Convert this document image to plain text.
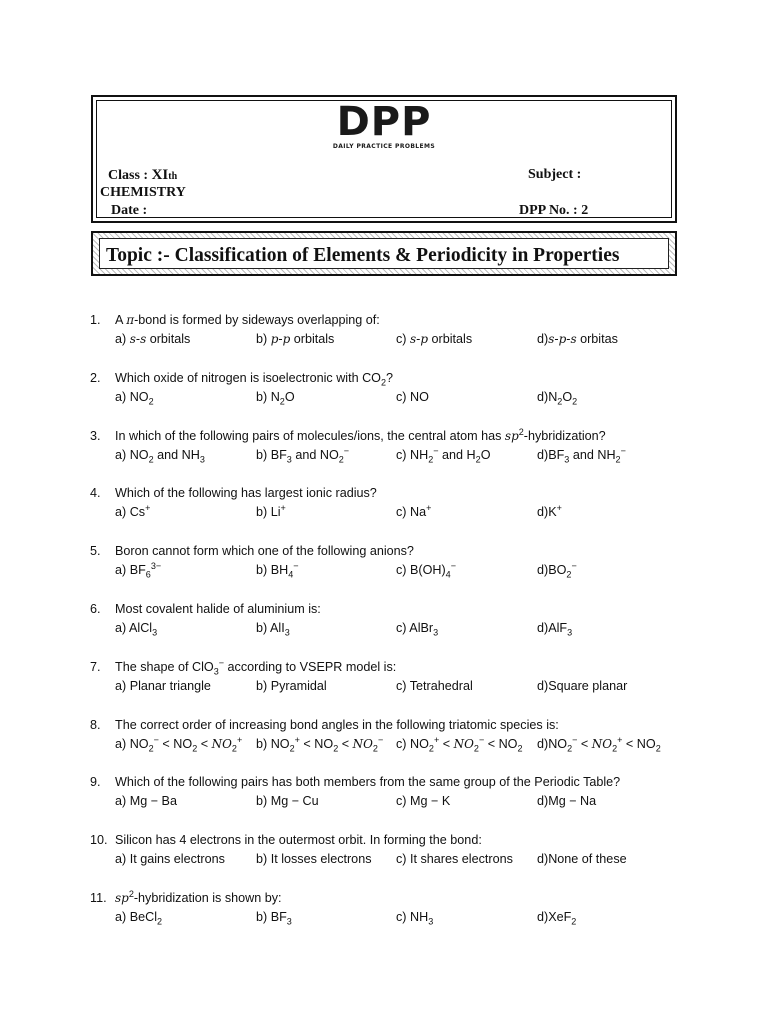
DPP
DAILY PRACTICE PROBLEMS
Class : XIth	Subject :
CHEMISTRY
Date :	DPP No. : 2
Topic :- Classification of Elements & Periodicity in Properties
1. A π-bond is formed by sideways overlapping of:
a) s-s orbitals	b) p-p orbitals	c) s-p orbitals	d)s-p-s orbitas
2. Which oxide of nitrogen is isoelectronic with $CO_2$?
a) $NO_2$	b) $N_2O$	c) NO	$d)N_2O_2$
3. In which of the following pairs of molecules/ions, the central atom has $sp^2$-hybridization?
a) $NO_2$ and $NH_3$	b) $BF_3$ and $NO_2^-$	c) $NH_2^-$ and $H_2O$	$d)BF_3$ and $NH_2^-$
4. Which of the following has largest ionic radius?
a) Cs+	b) Li+	c) Na+	d)K+
5. Boron cannot form which one of the following anions?
a) $BF_6^{3-}$	b) $BH_4^-$	c) $B(OH)_4^-$	$d)BO_2^-$
6. Most covalent halide of aluminium is:
a) AlCl$_3$	b) AlI$_3$	c) AlBr$_3$	d)AlF$_3$
7. The shape of ClO$_3$− according to VSEPR model is:
a) Planar triangle	b) Pyramidal	c) Tetrahedral	d)Square planar
8. The correct order of increasing bond angles in the following triatomic species is:
a) $NO_2^- < NO_2 < NO_2^+$ b) $NO_2^+ < NO_2 < NO_2^-$ c) $NO_2^+ < NO_2^- < NO_2$ $d)NO_2^- < NO_2^+ < NO_2$
9. Which of the following pairs has both members from the same group of the Periodic Table?
a) Mg − Ba	b) Mg − Cu	c) Mg − K	d)Mg − Na
10. Silicon has 4 electrons in the outermost orbit. In forming the bond:
a) It gains electrons b) It losses electrons c) It shares electrons d)None of these
11. $sp^2$-hybridization is shown by:
a) BeCl$_2$	b) $BF_3$	c) $NH_3$	d)XeF$_2$
